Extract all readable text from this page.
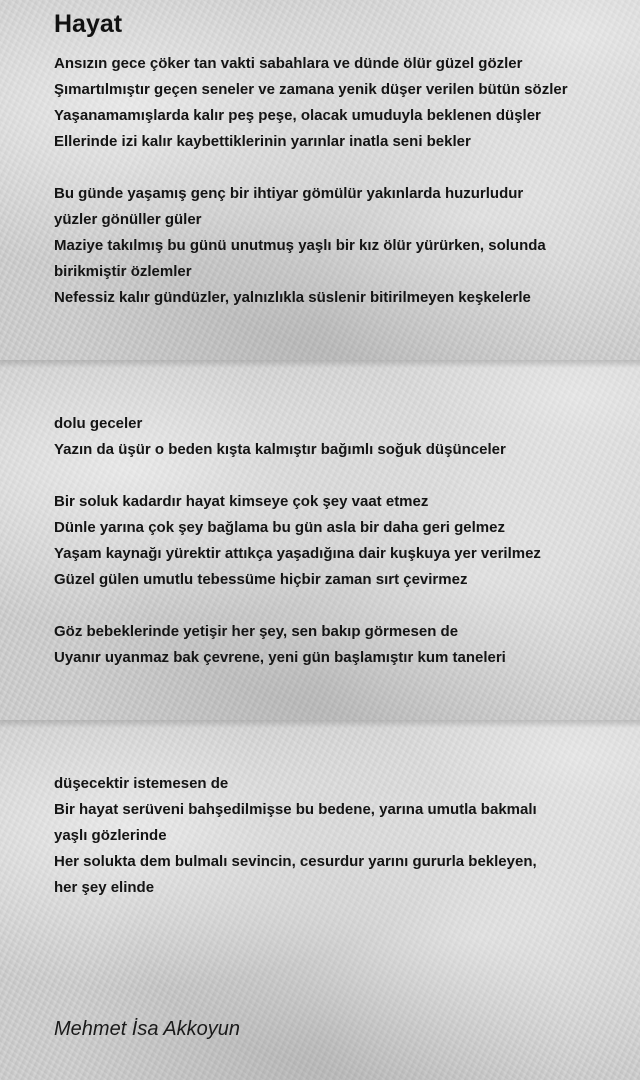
Hayat
Ansızın gece çöker tan vakti sabahlara ve dünde ölür güzel gözler
Şımartılmıştır geçen seneler ve zamana yenik düşer verilen bütün sözler
Yaşanamamışlarda kalır peş peşe, olacak umuduyla beklenen düşler
Ellerinde izi kalır kaybettiklerinin yarınlar inatla seni bekler
Bu günde yaşamış genç bir ihtiyar gömülür yakınlarda huzurludur
yüzler gönüller güler
Maziye takılmış bu günü unutmuş yaşlı bir kız ölür yürürken, solunda
birikmiştir özlemler
Nefessiz kalır gündüzler, yalnızlıkla süslenir bitirilmeyen keşkelerle
dolu geceler
Yazın da üşür o beden kışta kalmıştır bağımlı soğuk düşünceler
Bir soluk kadardır hayat kimseye çok şey vaat etmez
Dünle yarına çok şey bağlama bu gün asla bir daha geri gelmez
Yaşam kaynağı yürektir attıkça yaşadığına dair kuşkuya yer verilmez
Güzel gülen umutlu tebessüme hiçbir zaman sırt çevirmez
Göz bebeklerinde yetişir her şey, sen bakıp görmesen de
Uyanır uyanmaz bak çevrene, yeni gün başlamıştır kum taneleri
düşecektir istemesen de
Bir hayat serüveni bahşedilmişse bu bedene, yarına umutla bakmalı
yaşlı gözlerinde
Her solukta dem bulmalı sevincin, cesurdur yarını gururla bekleyen,
her şey elinde
Mehmet İsa Akkoyun
